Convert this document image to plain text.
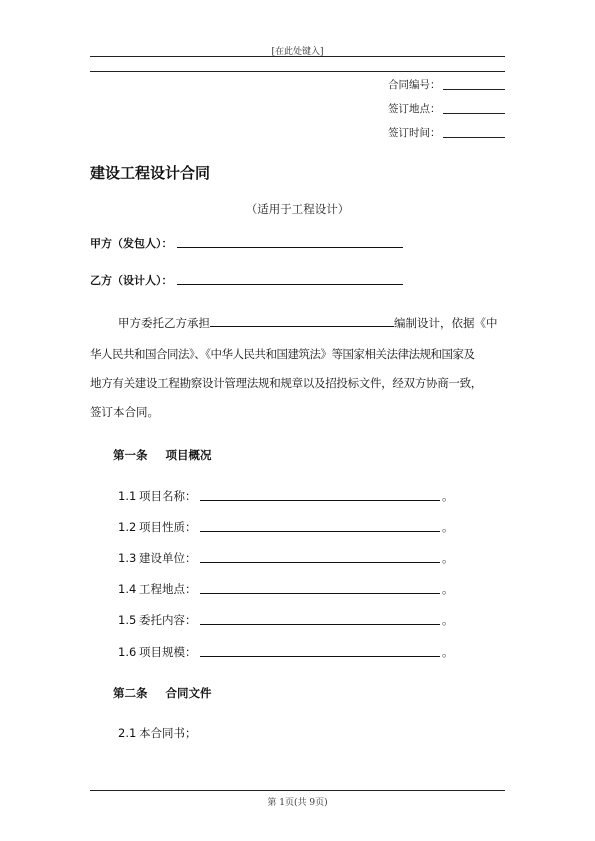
[在此处键入]
合同编号：
签订地点：
签订时间：
建设工程设计合同
（适用于工程设计）
甲方（发包人）：
乙方（设计人）：
甲方委托乙方承担	编制设计，依据《中
华人民共和国合同法》、《中华人民共和国建筑法》等国家相关法律法规和国家及
地方有关建设工程勘察设计管理法规和规章以及招投标文件，经双方协商一致，
签订本合同。
第一条 项目概况
1.1 项目名称：	。
1.2 项目性质：	。
1.3 建设单位：	。
1.4 工程地点：	。
1.5 委托内容：	。
1.6 项目规模：	。
第二条 合同文件
2.1 本合同书；
第 1页(共 9页)
